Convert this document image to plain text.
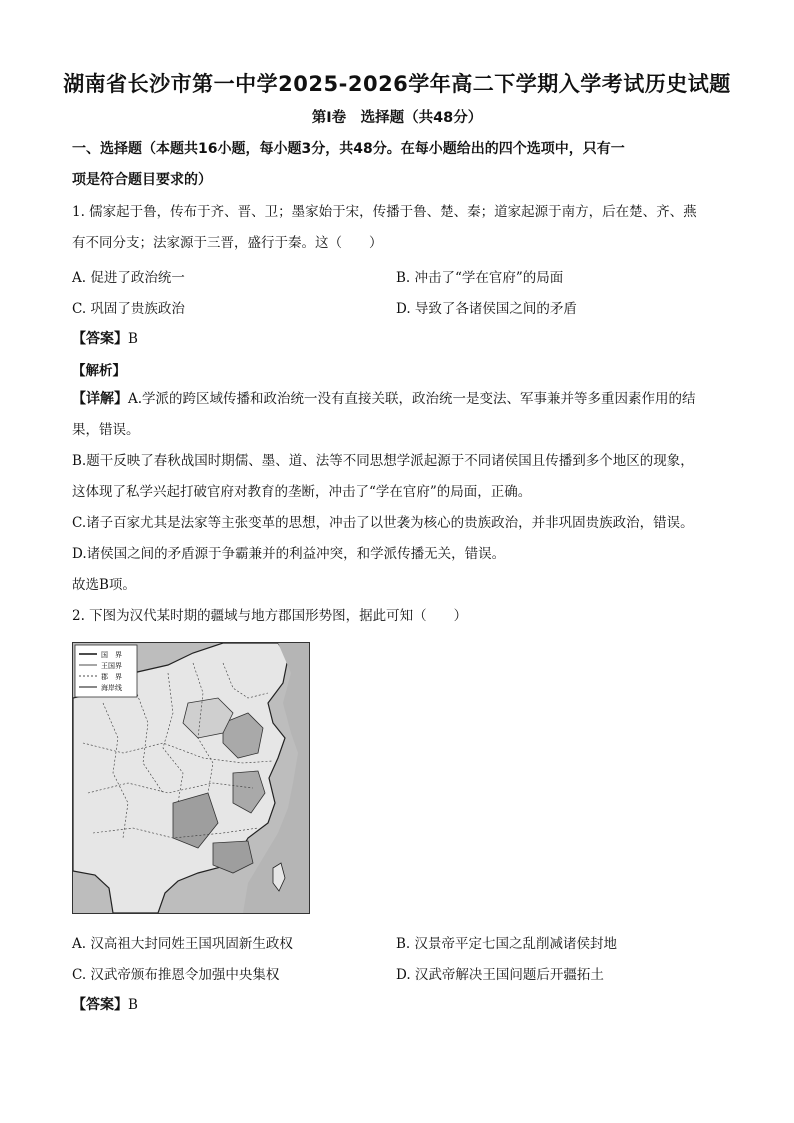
湖南省长沙市第一中学2025-2026学年高二下学期入学考试历史试题
第Ⅰ卷　选择题（共48分）
一、选择题（本题共16小题，每小题3分，共48分。在每小题给出的四个选项中，只有一
项是符合题目要求的）
1. 儒家起于鲁，传布于齐、晋、卫；墨家始于宋，传播于鲁、楚、秦；道家起源于南方，后在楚、齐、燕
有不同分支；法家源于三晋，盛行于秦。这（　　）
A. 促进了政治统一	B. 冲击了“学在官府”的局面
C. 巩固了贵族政治	D. 导致了各诸侯国之间的矛盾
【答案】B
【解析】
【详解】A.学派的跨区域传播和政治统一没有直接关联，政治统一是变法、军事兼并等多重因素作用的结
果，错误。
B.题干反映了春秋战国时期儒、墨、道、法等不同思想学派起源于不同诸侯国且传播到多个地区的现象，
这体现了私学兴起打破官府对教育的垄断，冲击了“学在官府”的局面，正确。
C.诸子百家尤其是法家等主张变革的思想，冲击了以世袭为核心的贵族政治，并非巩固贵族政治，错误。
D.诸侯国之间的矛盾源于争霸兼并的利益冲突，和学派传播无关，错误。
故选B项。
2. 下图为汉代某时期的疆域与地方郡国形势图，据此可知（　　）
国　界
王国界
郡　界
海岸线
A. 汉高祖大封同姓王国巩固新生政权	B. 汉景帝平定七国之乱削减诸侯封地
C. 汉武帝颁布推恩令加强中央集权	D. 汉武帝解决王国问题后开疆拓土
【答案】B
